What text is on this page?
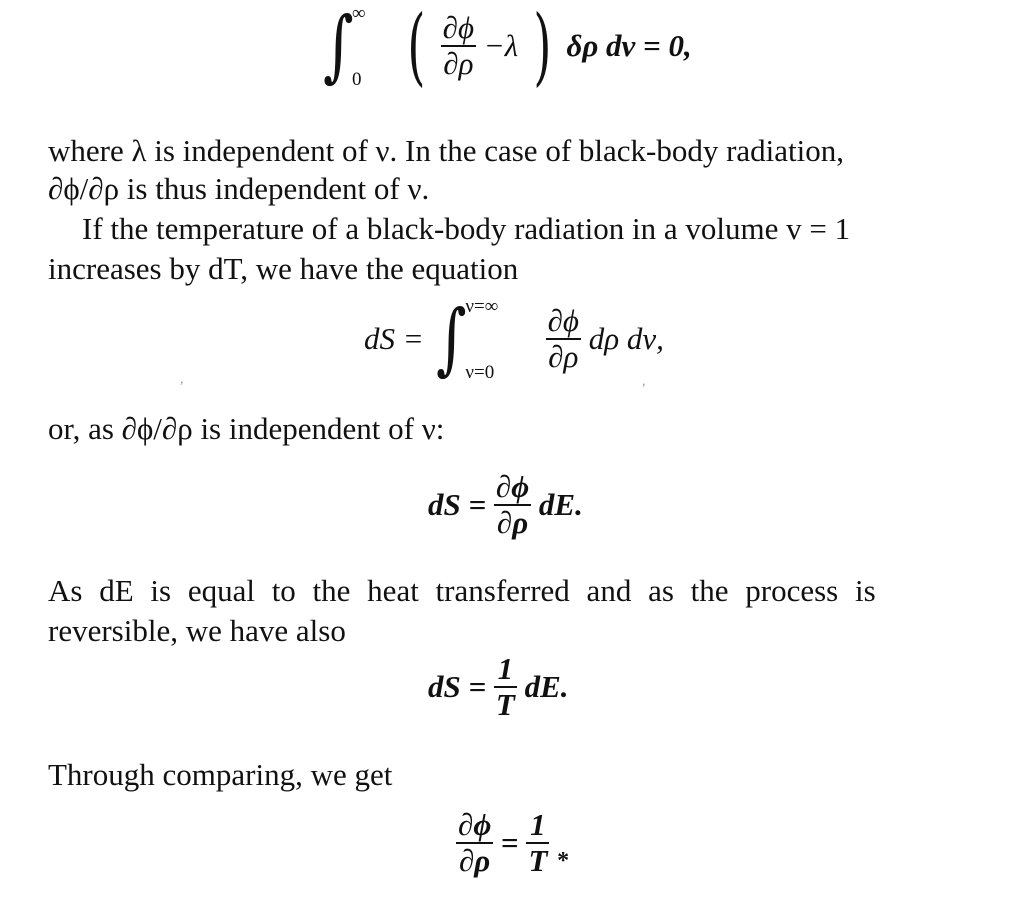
∫
∞
0 ( $\frac{\partial\phi}{\partial\rho} -\lambda$ ) δρ dν = 0,
where λ is independent of ν. In the case of black-body radiation,
∂ϕ/∂ρ is thus independent of ν.
If the temperature of a black-body radiation in a volume v = 1
increases by dT, we have the equation
dS = ∫
ν=∞
ν=0
$\frac{\partial\phi}{\partial\rho}$ dρ dν,
,	,
or, as ∂ϕ/∂ρ is independent of ν:
dS = $\frac{\partial\phi}{\partial\rho}$ dE.
As dE is equal to the heat transferred and as the process is
reversible, we have also
dS = $\frac{1}{T}$ dE.
Through comparing, we get
$\frac{\partial\phi}{\partial\rho} = \frac{1}{T} _*$
